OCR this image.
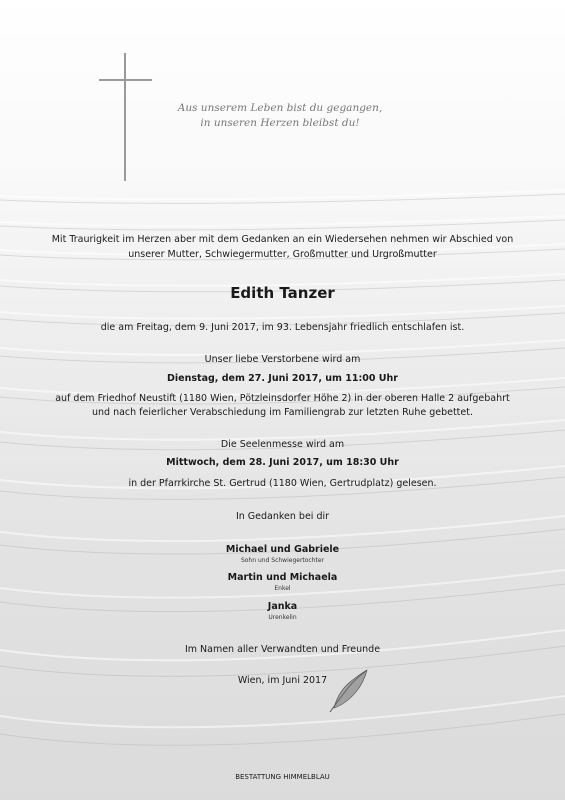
Aus unserem Leben bist du gegangen,
in unseren Herzen bleibst du!
Mit Traurigkeit im Herzen aber mit dem Gedanken an ein Wiedersehen nehmen wir Abschied von
unserer Mutter, Schwiegermutter, Großmutter und Urgroßmutter
Edith Tanzer
die am Freitag, dem 9. Juni 2017, im 93. Lebensjahr friedlich entschlafen ist.
Unser liebe Verstorbene wird am
Dienstag, dem 27. Juni 2017, um 11:00 Uhr
auf dem Friedhof Neustift (1180 Wien, Pötzleinsdorfer Höhe 2) in der oberen Halle 2 aufgebahrt
und nach feierlicher Verabschiedung im Familiengrab zur letzten Ruhe gebettet.
Die Seelenmesse wird am
Mittwoch, dem 28. Juni 2017, um 18:30 Uhr
in der Pfarrkirche St. Gertrud (1180 Wien, Gertrudplatz) gelesen.
In Gedanken bei dir
Michael und Gabriele
Sohn und Schwiegertochter
Martin und Michaela
Enkel
Janka
Urenkelin
Im Namen aller Verwandten und Freunde
Wien, im Juni 2017
BESTATTUNG HIMMELBLAU
